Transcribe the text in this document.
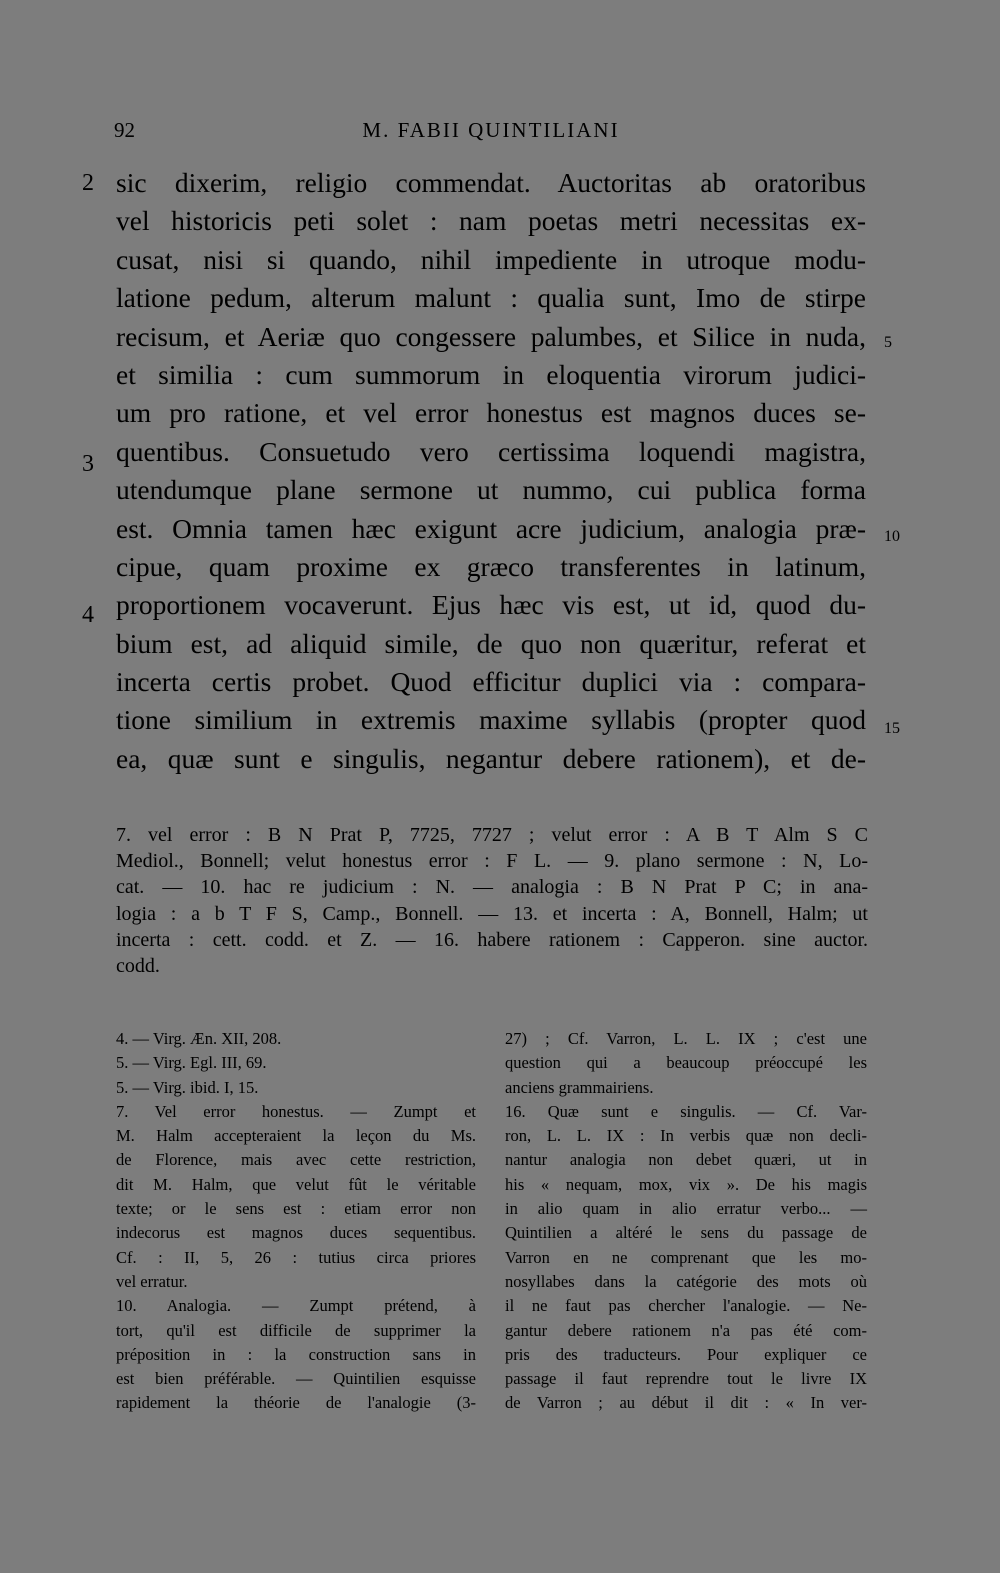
92	M. FABII QUINTILIANI
2
3
4
5
10
15
sic dixerim, religio commendat. Auctoritas ab oratoribus
vel historicis peti solet : nam poetas metri necessitas ex-
cusat, nisi si quando, nihil impediente in utroque modu-
latione pedum, alterum malunt : qualia sunt, Imo de stirpe
recisum, et Aeriæ quo congessere palumbes, et Silice in nuda,
et similia : cum summorum in eloquentia virorum judici-
um pro ratione, et vel error honestus est magnos duces se-
quentibus. Consuetudo vero certissima loquendi magistra,
utendumque plane sermone ut nummo, cui publica forma
est. Omnia tamen hæc exigunt acre judicium, analogia præ-
cipue, quam proxime ex græco transferentes in latinum,
proportionem vocaverunt. Ejus hæc vis est, ut id, quod du-
bium est, ad aliquid simile, de quo non quæritur, referat et
incerta certis probet. Quod efficitur duplici via : compara-
tione similium in extremis maxime syllabis (propter quod
ea, quæ sunt e singulis, negantur debere rationem), et de-
7. vel error : B N Prat P, 7725, 7727 ; velut error : A B T Alm S C
Mediol., Bonnell; velut honestus error : F L. — 9. plano sermone : N, Lo-
cat. — 10. hac re judicium : N. — analogia : B N Prat P C; in ana-
logia : a b T F S, Camp., Bonnell. — 13. et incerta : A, Bonnell, Halm; ut
incerta : cett. codd. et Z. — 16. habere rationem : Capperon. sine auctor.
codd.
4. — Virg. Æn. XII, 208.
5. — Virg. Egl. III, 69.
5. — Virg. ibid. I, 15.
7. Vel error honestus. — Zumpt et
M. Halm accepteraient la leçon du Ms.
de Florence, mais avec cette restriction,
dit M. Halm, que velut fût le véritable
texte; or le sens est : etiam error non
indecorus est magnos duces sequentibus.
Cf. : II, 5, 26 : tutius circa priores
vel erratur.
10. Analogia. — Zumpt prétend, à
tort, qu'il est difficile de supprimer la
préposition in : la construction sans in
est bien préférable. — Quintilien esquisse
rapidement la théorie de l'analogie (3-
27) ; Cf. Varron, L. L. IX ; c'est une
question qui a beaucoup préoccupé les
anciens grammairiens.
16. Quæ sunt e singulis. — Cf. Var-
ron, L. L. IX : In verbis quæ non decli-
nantur analogia non debet quæri, ut in
his « nequam, mox, vix ». De his magis
in alio quam in alio erratur verbo... —
Quintilien a altéré le sens du passage de
Varron en ne comprenant que les mo-
nosyllabes dans la catégorie des mots où
il ne faut pas chercher l'analogie. — Ne-
gantur debere rationem n'a pas été com-
pris des traducteurs. Pour expliquer ce
passage il faut reprendre tout le livre IX
de Varron ; au début il dit : « In ver-
